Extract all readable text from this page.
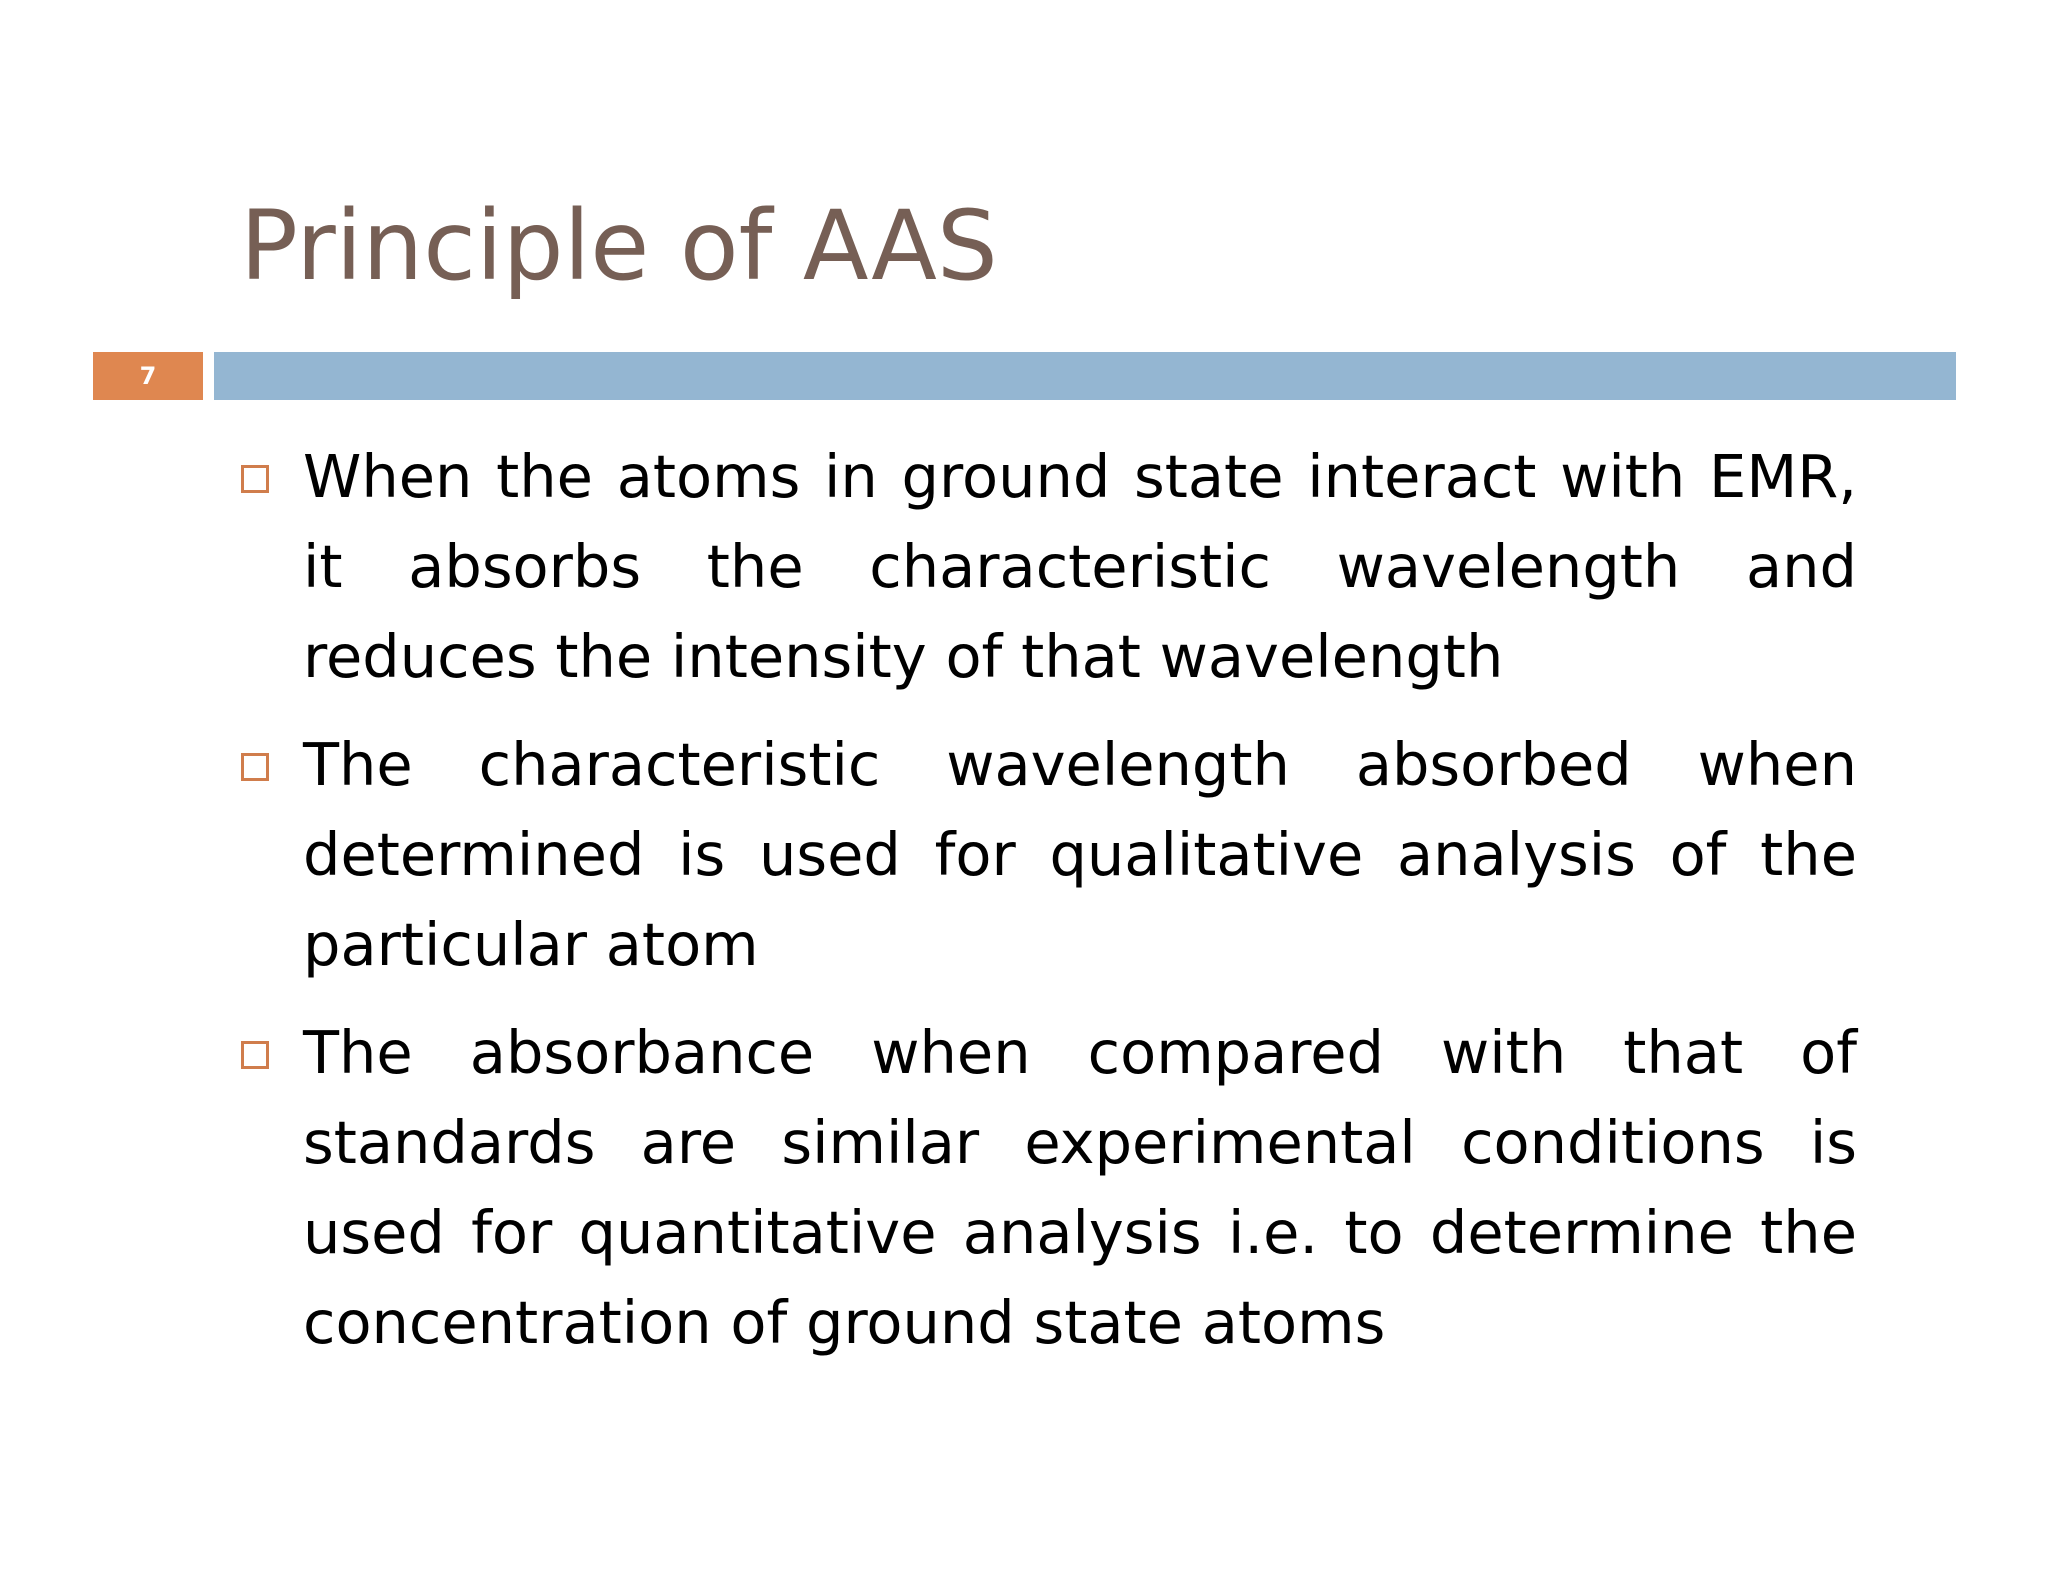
Principle of AAS
7
When the atoms in ground state interact with EMR, it absorbs the characteristic wavelength and reduces the intensity of that wavelength
The characteristic wavelength absorbed when determined is used for qualitative analysis of the particular atom
The absorbance when compared with that of standards are similar experimental conditions is used for quantitative analysis i.e. to determine the concentration of ground state atoms
